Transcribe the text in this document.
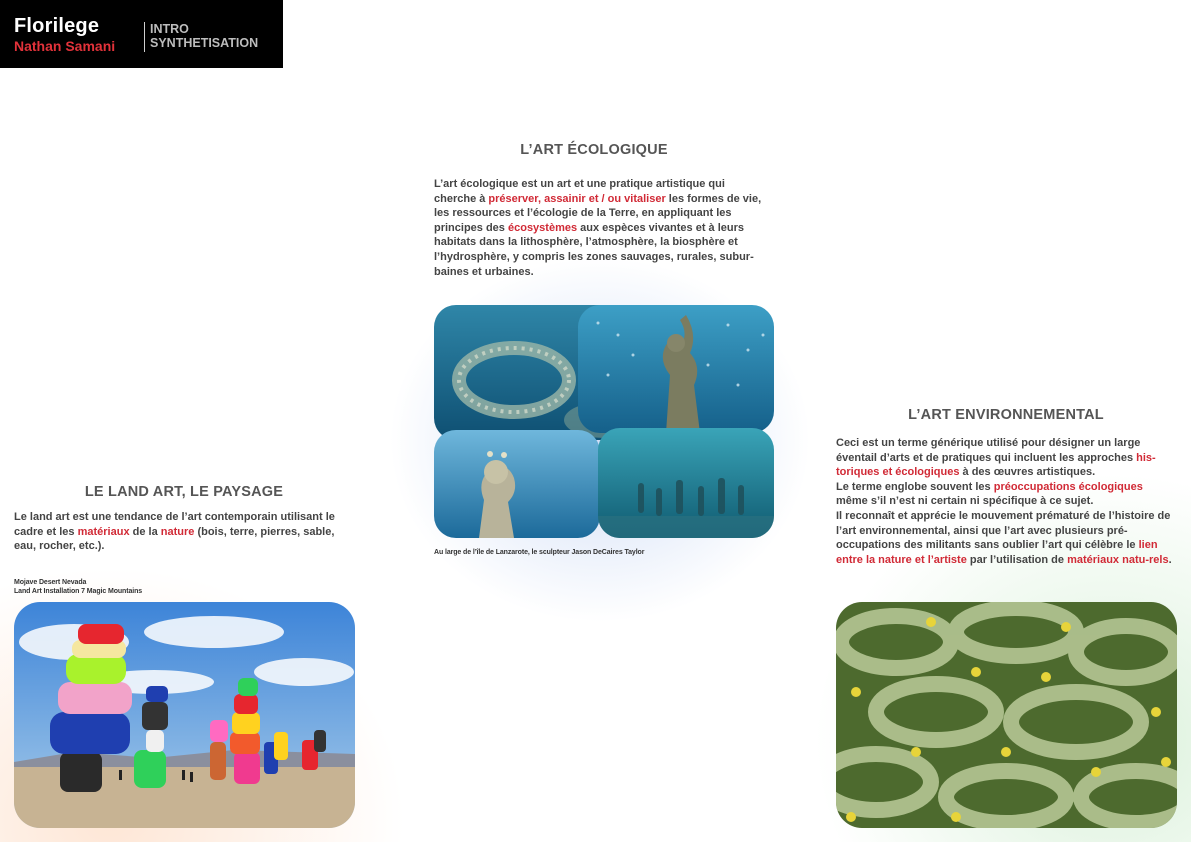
Florilege
Nathan Samani
INTRO
SYNTHETISATION
L’ART ÉCOLOGIQUE
L’art écologique est un art et une pratique artistique qui cherche à préserver, assainir et / ou vitaliser les formes de vie, les ressources et l’écologie de la Terre, en appliquant les principes des écosystèmes aux espèces vivantes et à leurs habitats dans la lithosphère, l’atmosphère, la biosphère et l’hydrosphère, y compris les zones sauvages, rurales, subur-baines et urbaines.
Au large de l’île de Lanzarote, le sculpteur Jason DeCaires Taylor
LE LAND ART, LE PAYSAGE
Le land art est une tendance de l’art contemporain utilisant le cadre et les matériaux de la nature (bois, terre, pierres, sable, eau, rocher, etc.).
Mojave Desert Nevada
Land Art Installation 7 Magic Mountains
L’ART ENVIRONNEMENTAL
Ceci est un terme générique utilisé pour désigner un large éventail d’arts et de pratiques qui incluent les approches his-toriques et écologiques à des œuvres artistiques.
Le terme englobe souvent les préoccupations écologiques même s’il n’est ni certain ni spécifique à ce sujet.
Il reconnaît et apprécie le mouvement prématuré de l’histoire de l’art environnemental, ainsi que l’art avec plusieurs pré-occupations des militants sans oublier l’art qui célèbre le lien entre la nature et l’artiste par l’utilisation de matériaux natu-rels.
